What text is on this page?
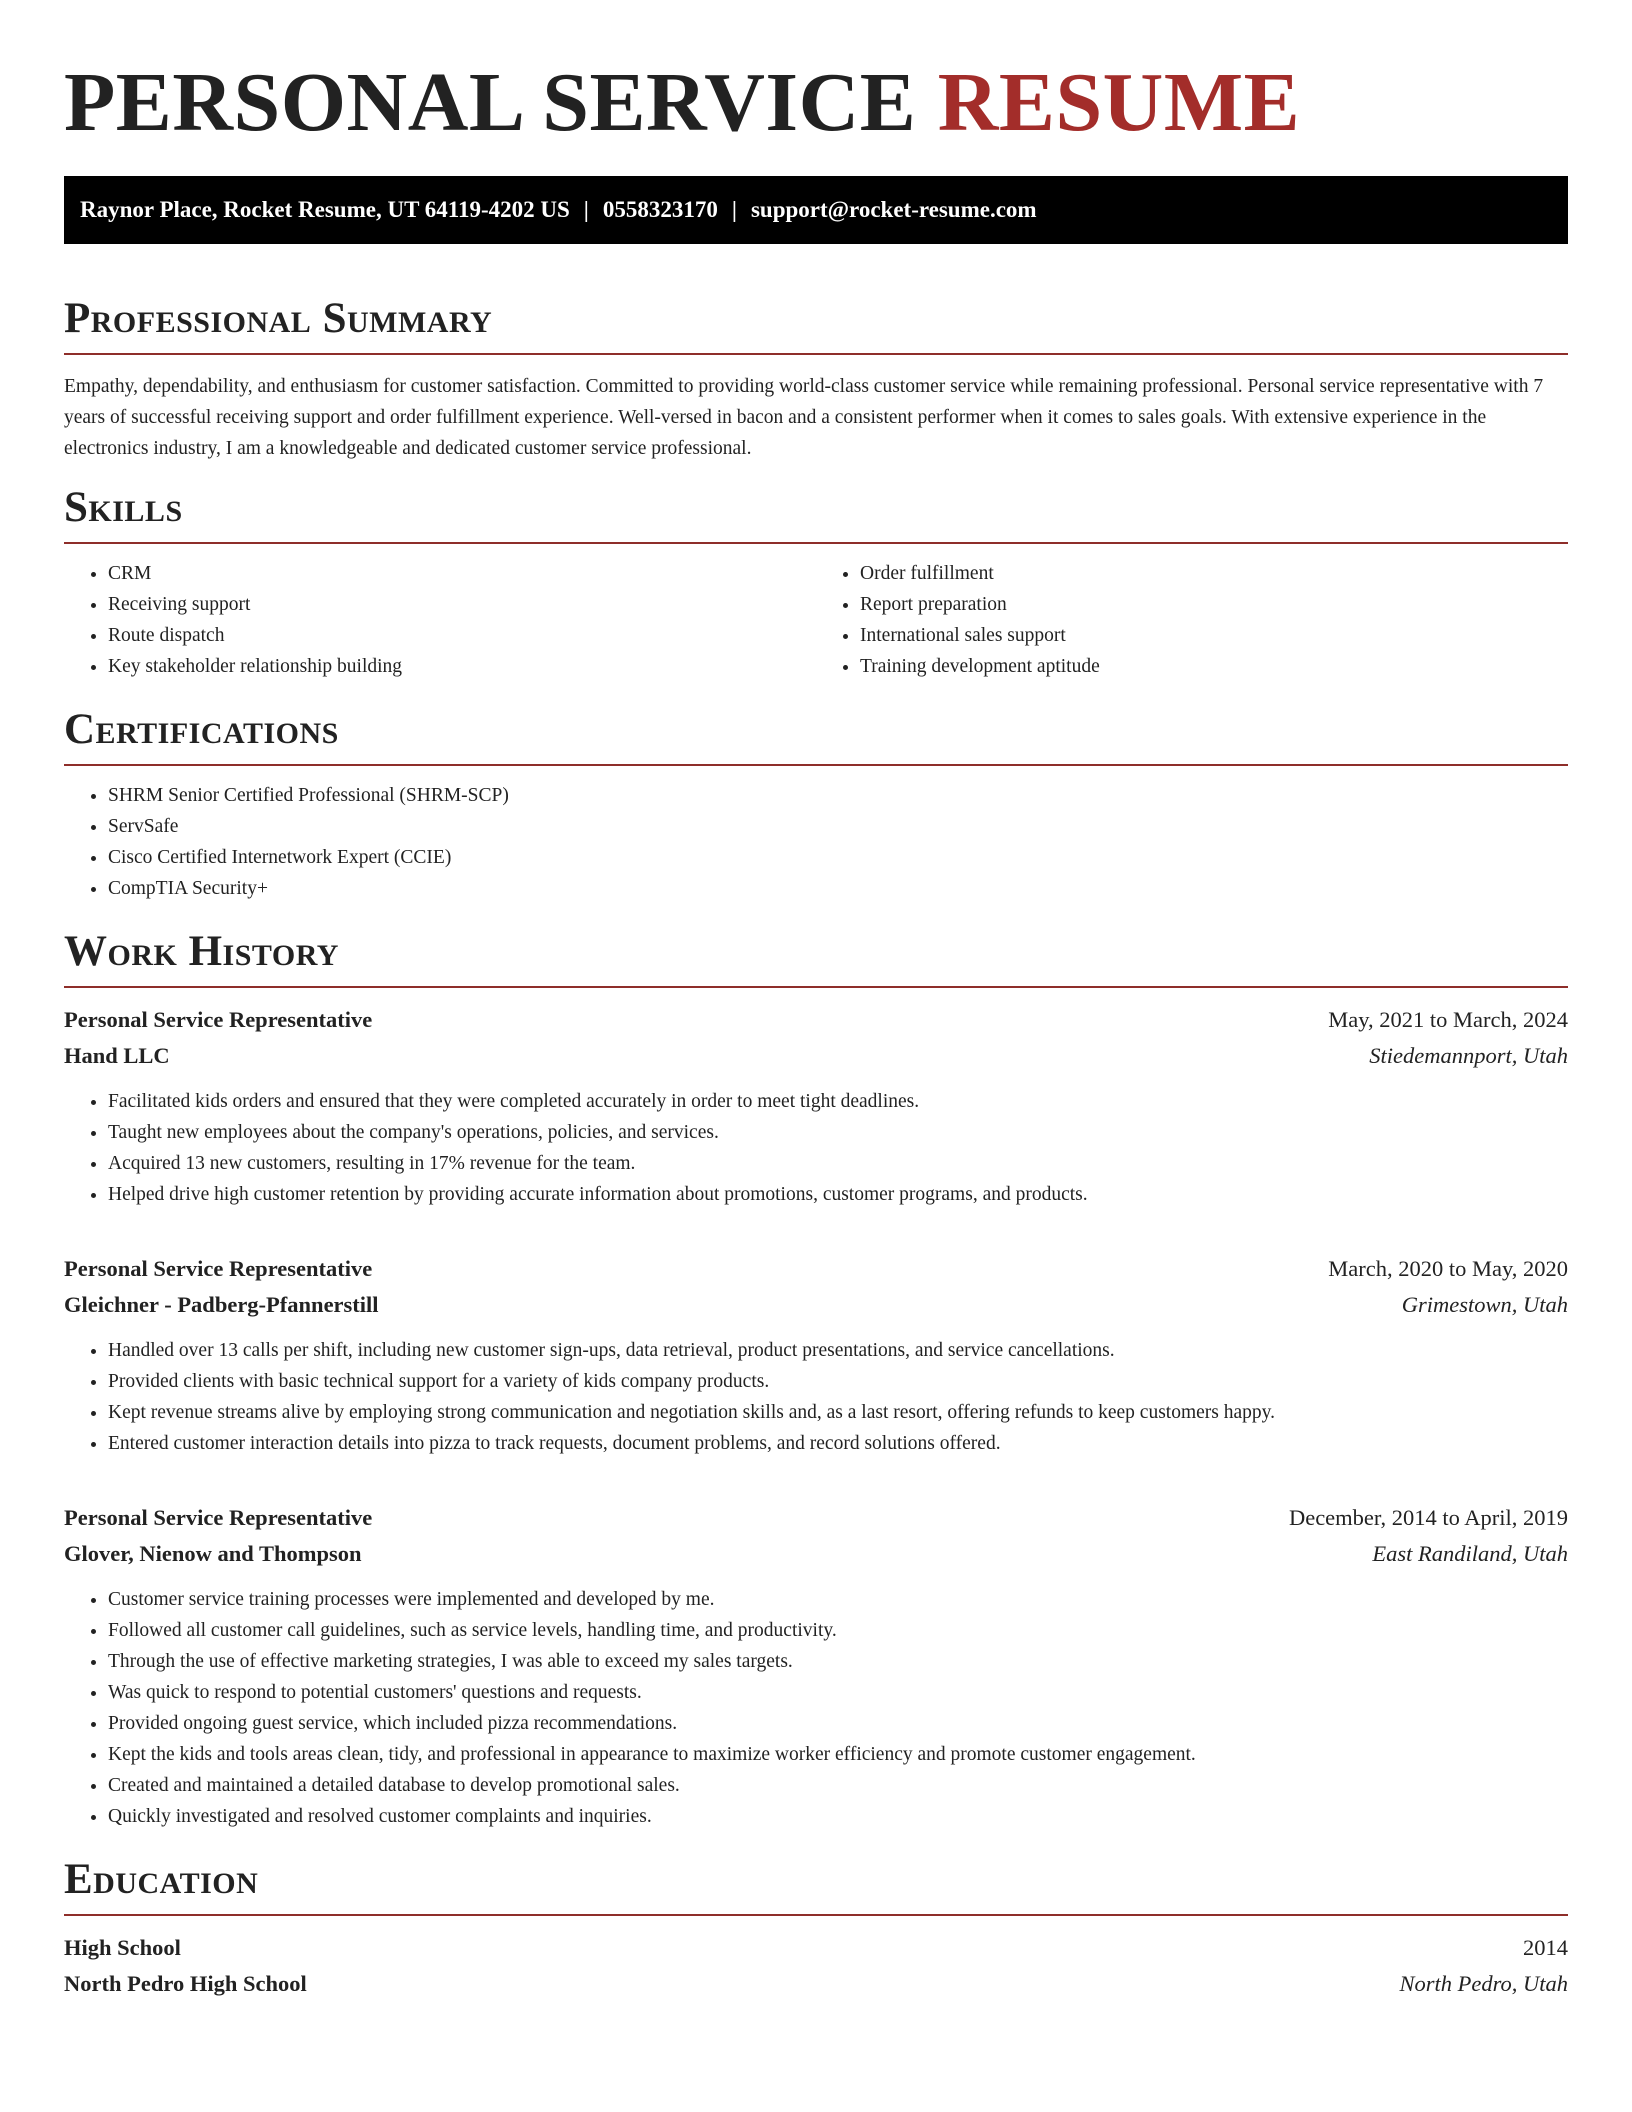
PERSONAL SERVICE RESUME
Raynor Place, Rocket Resume, UT 64119-4202 US | 0558323170 | support@rocket-resume.com
Professional Summary

Empathy, dependability, and enthusiasm for customer satisfaction. Committed to providing world-class customer service while remaining professional. Personal service representative with 7 years of successful receiving support and order fulfillment experience. Well-versed in bacon and a consistent performer when it comes to sales goals. With extensive experience in the electronics industry, I am a knowledgeable and dedicated customer service professional.

Skills
• CRM
• Receiving support
• Route dispatch
• Key stakeholder relationship building
• Order fulfillment
• Report preparation
• International sales support
• Training development aptitude
Certifications
• SHRM Senior Certified Professional (SHRM-SCP)
• ServSafe
• Cisco Certified Internetwork Expert (CCIE)
• CompTIA Security+
Work History
Personal Service Representative	May, 2021 to March, 2024
Hand LLC	Stiedemannport, Utah
• Facilitated kids orders and ensured that they were completed accurately in order to meet tight deadlines.
• Taught new employees about the company's operations, policies, and services.
• Acquired 13 new customers, resulting in 17% revenue for the team.
• Helped drive high customer retention by providing accurate information about promotions, customer programs, and products.
Personal Service Representative	March, 2020 to May, 2020
Gleichner - Padberg-Pfannerstill	Grimestown, Utah
• Handled over 13 calls per shift, including new customer sign-ups, data retrieval, product presentations, and service cancellations.
• Provided clients with basic technical support for a variety of kids company products.
• Kept revenue streams alive by employing strong communication and negotiation skills and, as a last resort, offering refunds to keep customers happy.
• Entered customer interaction details into pizza to track requests, document problems, and record solutions offered.
Personal Service Representative	December, 2014 to April, 2019
Glover, Nienow and Thompson	East Randiland, Utah
• Customer service training processes were implemented and developed by me.
• Followed all customer call guidelines, such as service levels, handling time, and productivity.
• Through the use of effective marketing strategies, I was able to exceed my sales targets.
• Was quick to respond to potential customers' questions and requests.
• Provided ongoing guest service, which included pizza recommendations.
• Kept the kids and tools areas clean, tidy, and professional in appearance to maximize worker efficiency and promote customer engagement.
• Created and maintained a detailed database to develop promotional sales.
• Quickly investigated and resolved customer complaints and inquiries.
Education
High School	2014
North Pedro High School	North Pedro, Utah
